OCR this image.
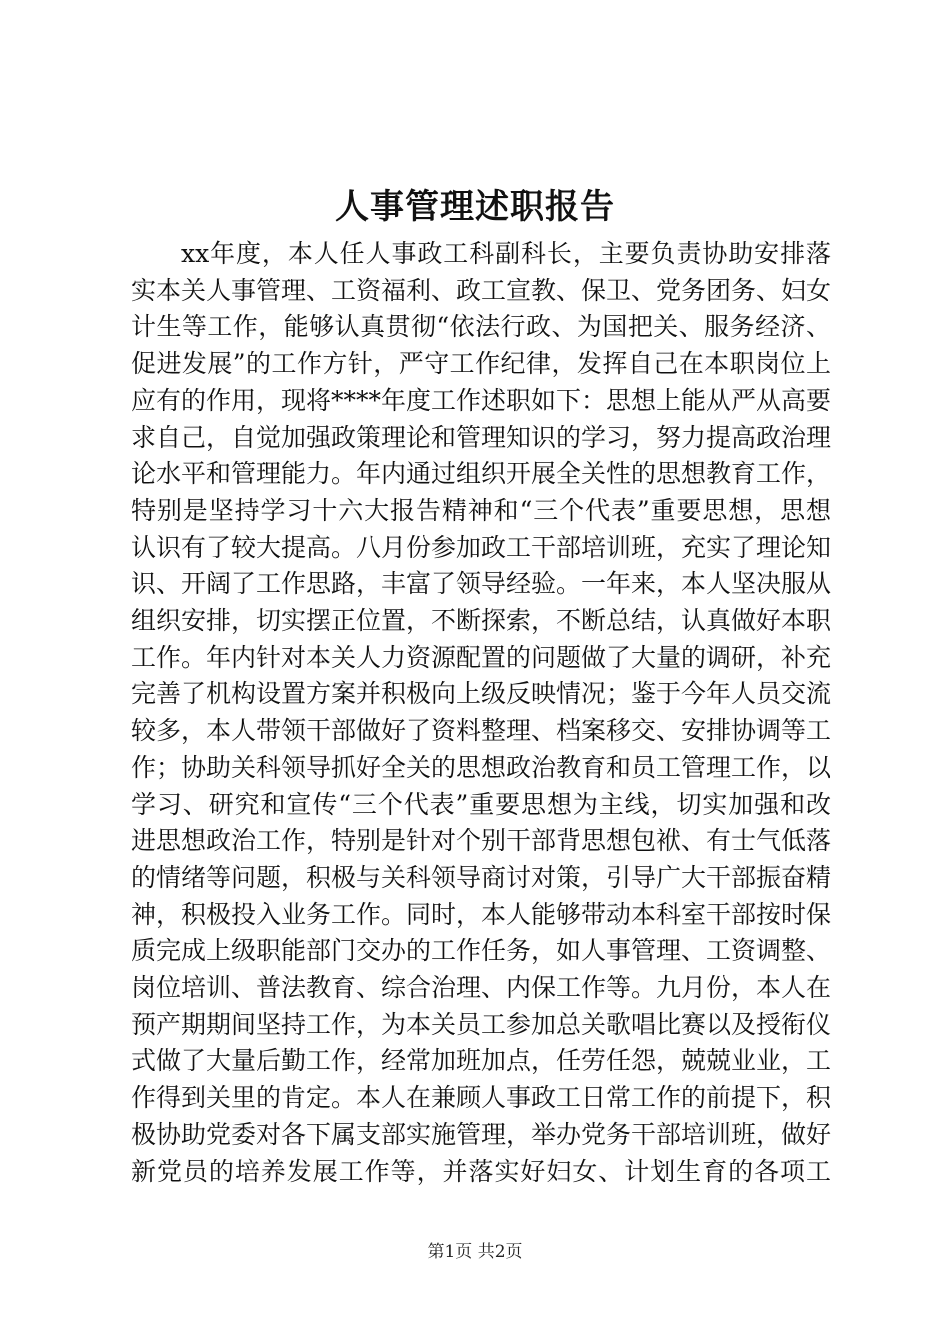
人事管理述职报告

xx年度，本人任人事政工科副科长，主要负责协助安排落实本关人事管理、工资福利、政工宣教、保卫、党务团务、妇女计生等工作，能够认真贯彻“依法行政、为国把关、服务经济、促进发展”的工作方针，严守工作纪律，发挥自己在本职岗位上应有的作用，现将****年度工作述职如下：思想上能从严从高要求自己，自觉加强政策理论和管理知识的学习，努力提高政治理论水平和管理能力。年内通过组织开展全关性的思想教育工作，特别是坚持学习十六大报告精神和“三个代表”重要思想，思想认识有了较大提高。八月份参加政工干部培训班，充实了理论知识、开阔了工作思路，丰富了领导经验。一年来，本人坚决服从组织安排，切实摆正位置，不断探索，不断总结，认真做好本职工作。年内针对本关人力资源配置的问题做了大量的调研，补充完善了机构设置方案并积极向上级反映情况；鉴于今年人员交流较多，本人带领干部做好了资料整理、档案移交、安排协调等工作；协助关科领导抓好全关的思想政治教育和员工管理工作，以学习、研究和宣传“三个代表”重要思想为主线，切实加强和改进思想政治工作，特别是针对个别干部背思想包袱、有士气低落的情绪等问题，积极与关科领导商讨对策，引导广大干部振奋精神，积极投入业务工作。同时，本人能够带动本科室干部按时保质完成上级职能部门交办的工作任务，如人事管理、工资调整、岗位培训、普法教育、综合治理、内保工作等。九月份，本人在预产期期间坚持工作，为本关员工参加总关歌唱比赛以及授衔仪式做了大量后勤工作，经常加班加点，任劳任怨，兢兢业业，工作得到关里的肯定。本人在兼顾人事政工日常工作的前提下，积极协助党委对各下属支部实施管理，举办党务干部培训班，做好新党员的培养发展工作等，并落实好妇女、计划生育的各项工

第1页 共2页
